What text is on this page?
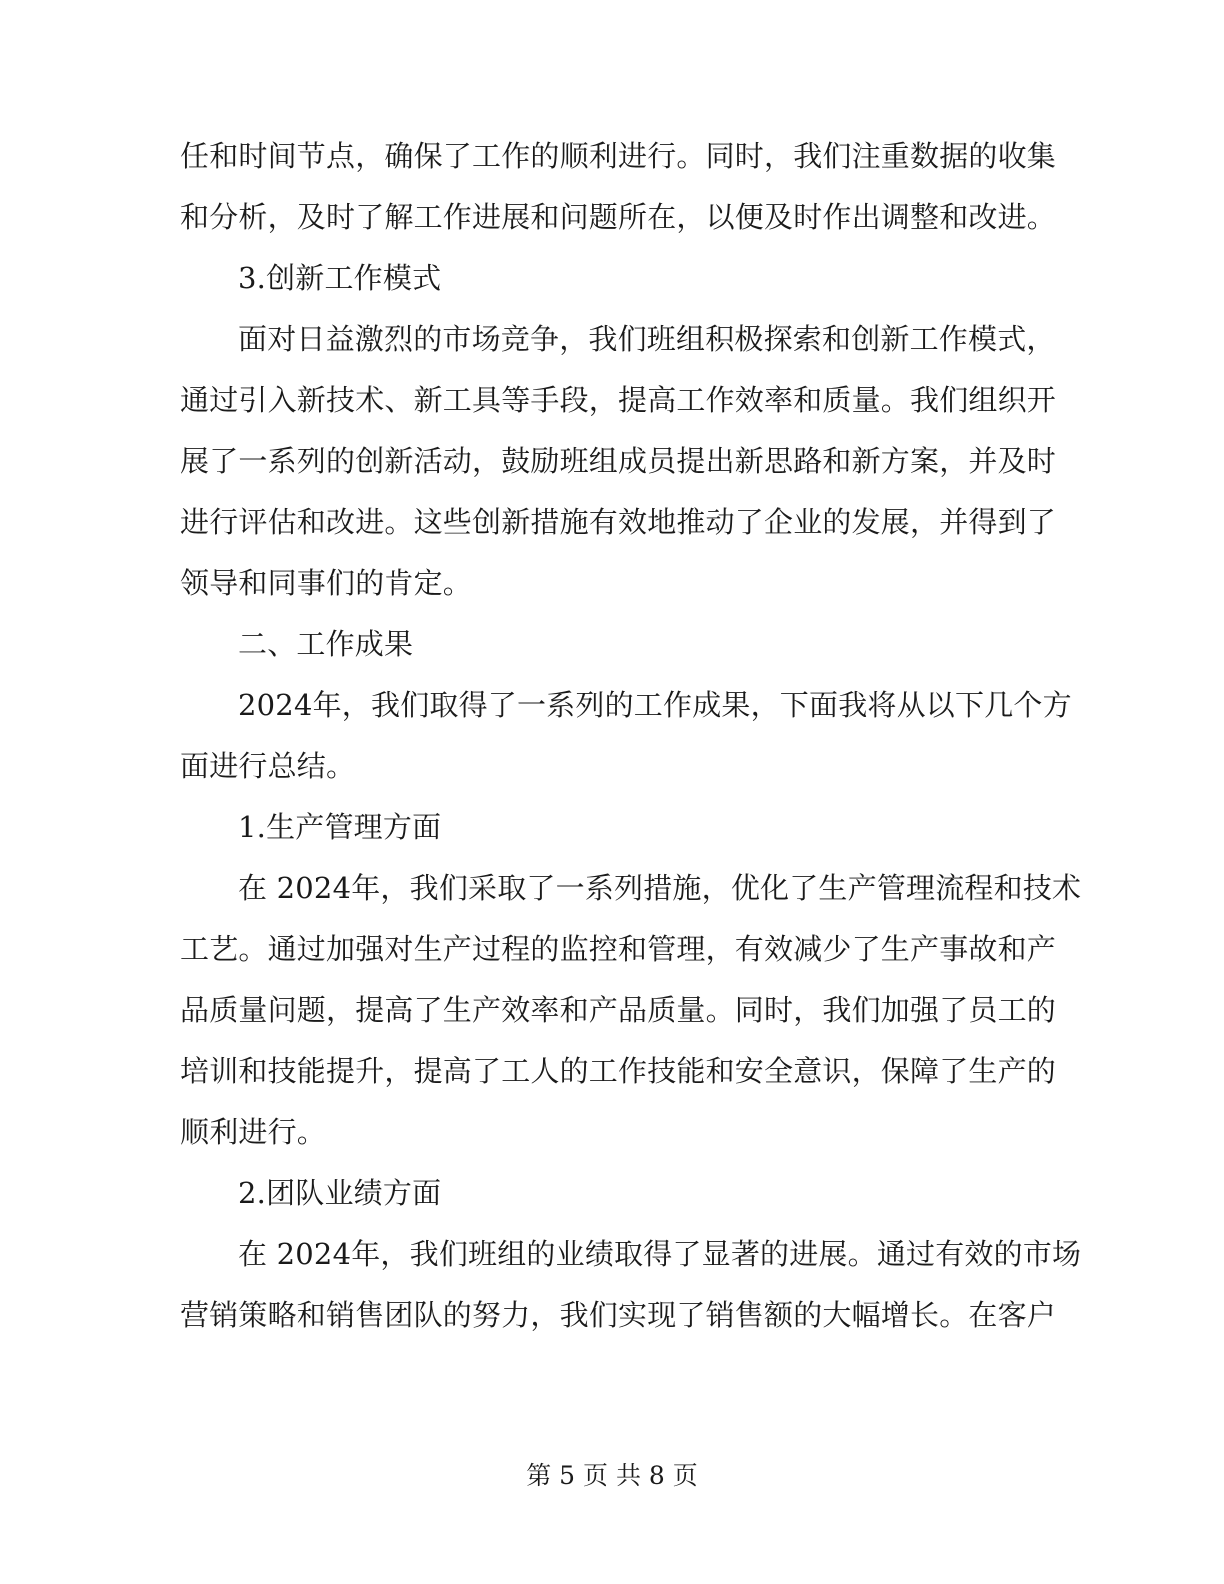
任和时间节点，确保了工作的顺利进行。同时，我们注重数据的收集
和分析，及时了解工作进展和问题所在，以便及时作出调整和改进。
3.创新工作模式
面对日益激烈的市场竞争，我们班组积极探索和创新工作模式，
通过引入新技术、新工具等手段，提高工作效率和质量。我们组织开
展了一系列的创新活动，鼓励班组成员提出新思路和新方案，并及时
进行评估和改进。这些创新措施有效地推动了企业的发展，并得到了
领导和同事们的肯定。
二、工作成果
2024年，我们取得了一系列的工作成果，下面我将从以下几个方
面进行总结。
1.生产管理方面
在 2024年，我们采取了一系列措施，优化了生产管理流程和技术
工艺。通过加强对生产过程的监控和管理，有效减少了生产事故和产
品质量问题，提高了生产效率和产品质量。同时，我们加强了员工的
培训和技能提升，提高了工人的工作技能和安全意识，保障了生产的
顺利进行。
2.团队业绩方面
在 2024年，我们班组的业绩取得了显著的进展。通过有效的市场
营销策略和销售团队的努力，我们实现了销售额的大幅增长。在客户
第 5 页 共 8 页
